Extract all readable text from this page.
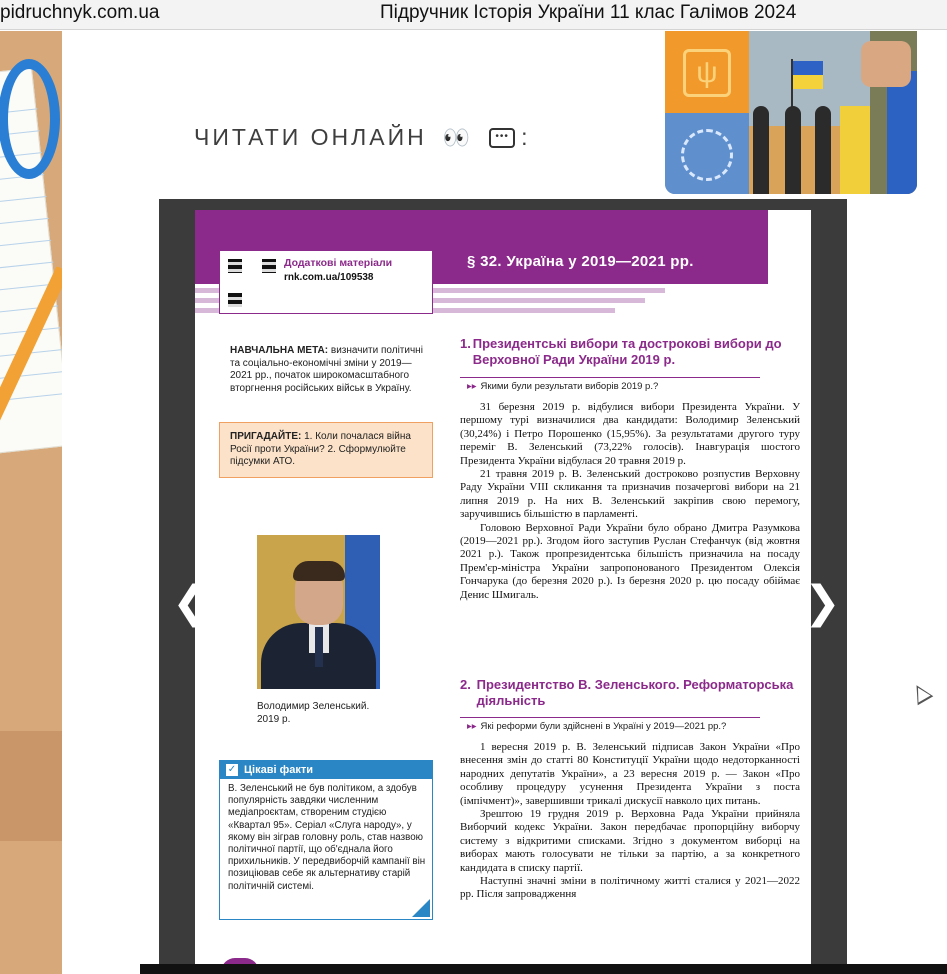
pidruchnyk.com.ua	Підручник Історія України 11 клас Галімов 2024
ЧИТАТИ ОНЛАЙН 👀	••• :
ψ
Додаткові матеріали
rnk.com.ua/109538
§ 32. Україна у 2019—2021 рр.
НАВЧАЛЬНА МЕТА: визначити політичні та соціально-економічні зміни у 2019—2021 рр., початок широкомасштабного вторгнення російських військ в Україну.
ПРИГАДАЙТЕ: 1. Коли почалася війна Росії проти України? 2. Сформулюйте підсумки АТО.
Володимир Зеленський. 2019 р.
✓ Цікаві факти
В. Зеленський не був політиком, а здобув популярність завдяки численним медіапроєктам, створеним студією «Квартал 95». Серіал «Слуга народу», у якому він зіграв головну роль, став назвою політичної партії, що об'єднала його прихильників. У передвиборчій кампанії він позиціював себе як альтернативу старій політичній системі.
1. Президентські вибори та дострокові вибори до Верховної Ради України 2019 р.
▸▸ Якими були результати виборів 2019 р.?

31 березня 2019 р. відбулися вибори Президента України. У першому турі визначилися два кандидати: Володимир Зеленський (30,24%) і Петро Порошенко (15,95%). За результатами другого туру переміг В. Зеленський (73,22% голосів). Інавгурація шостого Президента України відбулася 20 травня 2019 р.

21 травня 2019 р. В. Зеленський достроково розпустив Верховну Раду України VIII скликання та призначив позачергові вибори на 21 липня 2019 р. На них В. Зеленський закріпив свою перемогу, заручившись більшістю в парламенті.

Головою Верховної Ради України було обрано Дмитра Разумкова (2019—2021 рр.). Згодом його заступив Руслан Стефанчук (від жовтня 2021 р.). Також пропрезидентська більшість призначила на посаду Прем'єр-міністра України запропонованого Президентом Олексія Гончарука (до березня 2020 р.). Із березня 2020 р. цю посаду обіймає Денис Шмигаль.

2. Президентство В. Зеленського. Реформаторська діяльність
▸▸ Які реформи були здійснені в Україні у 2019—2021 рр.?

1 вересня 2019 р. В. Зеленський підписав Закон України «Про внесення змін до статті 80 Конституції України щодо недоторканності народних депутатів України», а 23 вересня 2019 р. — Закон «Про особливу процедуру усунення Президента України з поста (імпічмент)», завершивши трикалі дискусії навколо цих питань.

Зрештою 19 грудня 2019 р. Верховна Рада України прийняла Виборчий кодекс України. Закон передбачає пропорційну виборчу систему з відкритими списками. Згідно з документом виборці на виборах мають голосувати не тільки за партію, а за конкретного кандидата в списку партії.

Наступні значні зміни в політичному житті сталися у 2021—2022 рр. Після запровадження

❮	❯
